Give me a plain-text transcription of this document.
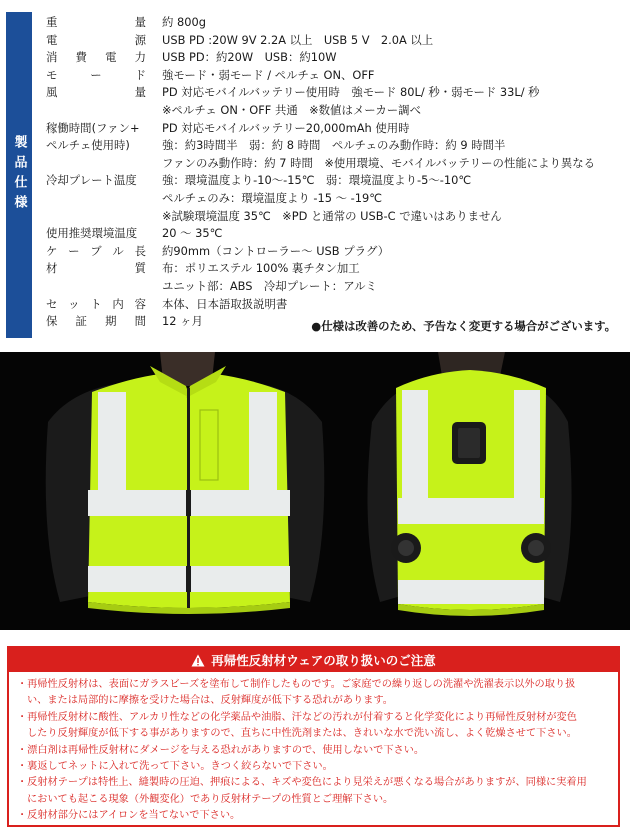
製品仕様
重	量 約 800g
電	源 USB PD :20W 9V 2.2A 以上　USB 5 V　2.0A 以上
消 費 電 力 USB PD：約20W　USB：約10W
モ	ー	ド 強モード・弱モード / ペルチェ ON、OFF
風	量 PD 対応モバイルバッテリー使用時　強モード 80L/ 秒・弱モード 33L/ 秒
※ペルチェ ON・OFF 共通　※数値はメーカー調べ
稼働時間(ファン+	PD 対応モバイルバッテリー20,000mAh 使用時
ペルチェ使用時)	強：約3時間半　弱：約 8 時間　ペルチェのみ動作時：約 9 時間半
ファンのみ動作時：約 7 時間　※使用環境、モバイルバッテリーの性能により異なる
冷却プレート温度	強：環境温度より-10〜-15℃　弱：環境温度より-5〜-10℃
ペルチェのみ：環境温度より -15 〜 -19℃
※試験環境温度 35℃　※PD と通常の USB-C で違いはありません
使用推奨環境温度	20 〜 35℃
ケ ー ブ ル 長 約90mm（コントローラー〜 USB プラグ）
材	質 布：ポリエステル 100% 裏チタン加工
ユニット部：ABS　冷却プレート：アルミ
セ ッ ト 内 容 本体、日本語取扱説明書
保 証 期 間 12 ヶ月	●仕様は改善のため、予告なく変更する場合がございます。
再帰性反射材ウェアの取り扱いのご注意
・再帰性反射材は、表面にガラスビーズを塗布して制作したものです。ご家庭での繰り返しの洗濯や洗濯表示以外の取り扱
い、または局部的に摩擦を受けた場合は、反射輝度が低下する恐れがあります。
・再帰性反射材に酸性、アルカリ性などの化学薬品や油脂、汗などの汚れが付着すると化学変化により再帰性反射材が変色
したり反射輝度が低下する事がありますので、直ちに中性洗剤または、きれいな水で洗い流し、よく乾燥させて下さい。
・漂白剤は再帰性反射材にダメージを与える恐れがありますので、使用しないで下さい。
・裏返してネットに入れて洗って下さい。きつく絞らないで下さい。
・反射材テープは特性上、縫製時の圧迫、押痕による、キズや変色により見栄えが悪くなる場合がありますが、同様に実着用
においても起こる現象（外観変化）であり反射材テープの性質とご理解下さい。
・反射材部分にはアイロンを当てないで下さい。
